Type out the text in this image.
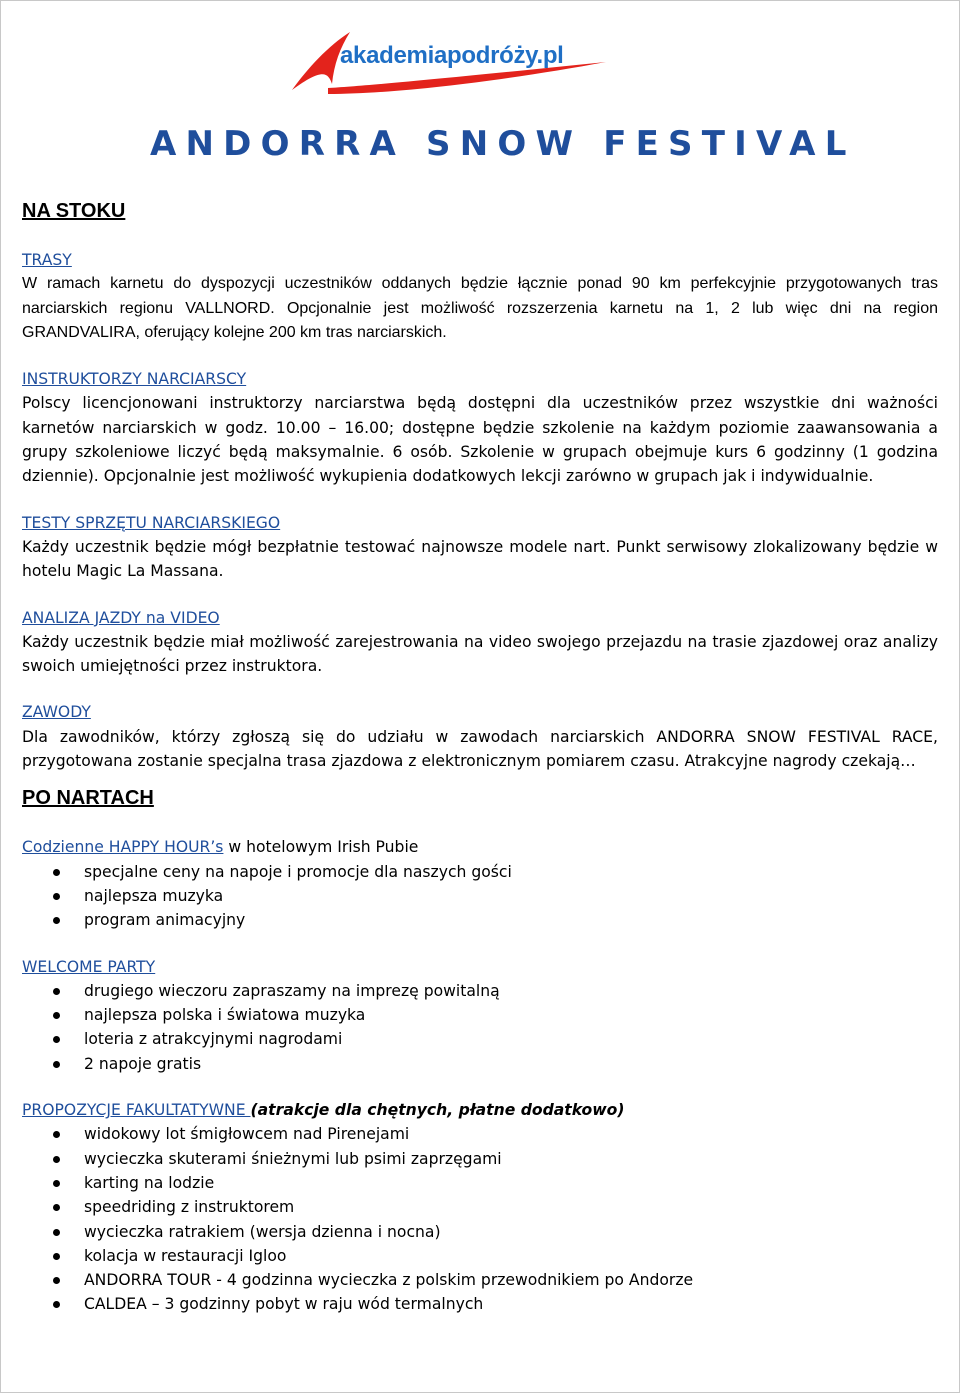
akademiapodróży.pl
ANDORRA SNOW FESTIVAL
NA STOKU
TRASY
W ramach karnetu do dyspozycji uczestników oddanych będzie łącznie ponad 90 km perfekcyjnie przygotowanych tras narciarskich regionu VALLNORD. Opcjonalnie jest możliwość rozszerzenia karnetu na 1, 2 lub więc dni na region GRANDVALIRA, oferujący kolejne 200 km tras narciarskich.
INSTRUKTORZY NARCIARSCY
Polscy licencjonowani instruktorzy narciarstwa będą dostępni dla uczestników przez wszystkie dni ważności karnetów narciarskich w godz. 10.00 – 16.00; dostępne będzie szkolenie na każdym poziomie zaawansowania a grupy szkoleniowe liczyć będą maksymalnie. 6 osób. Szkolenie w grupach obejmuje kurs 6 godzinny (1 godzina dziennie). Opcjonalnie jest możliwość wykupienia dodatkowych lekcji zarówno w grupach jak i indywidualnie.
TESTY SPRZĘTU NARCIARSKIEGO
Każdy uczestnik będzie mógł bezpłatnie testować najnowsze modele nart. Punkt serwisowy zlokalizowany będzie w hotelu Magic La Massana.
ANALIZA JAZDY na VIDEO
Każdy uczestnik będzie miał możliwość zarejestrowania na video swojego przejazdu na trasie zjazdowej oraz analizy swoich umiejętności przez instruktora.
ZAWODY
Dla zawodników, którzy zgłoszą się do udziału w zawodach narciarskich ANDORRA SNOW FESTIVAL RACE, przygotowana zostanie specjalna trasa zjazdowa z elektronicznym pomiarem czasu. Atrakcyjne nagrody czekają…
PO NARTACH
Codzienne HAPPY HOUR’s w hotelowym Irish Pubie
specjalne ceny na napoje i promocje dla naszych gości
najlepsza muzyka
program animacyjny
WELCOME PARTY
drugiego wieczoru zapraszamy na imprezę powitalną
najlepsza polska i światowa muzyka
loteria z atrakcyjnymi nagrodami
2 napoje gratis
PROPOZYCJE FAKULTATYWNE (atrakcje dla chętnych, płatne dodatkowo)
widokowy lot śmigłowcem nad Pirenejami
wycieczka skuterami śnieżnymi lub psimi zaprzęgami
karting na lodzie
speedriding z instruktorem
wycieczka ratrakiem (wersja dzienna i nocna)
kolacja w restauracji Igloo
ANDORRA TOUR - 4 godzinna wycieczka z polskim przewodnikiem po Andorze
CALDEA – 3 godzinny pobyt w raju wód termalnych
